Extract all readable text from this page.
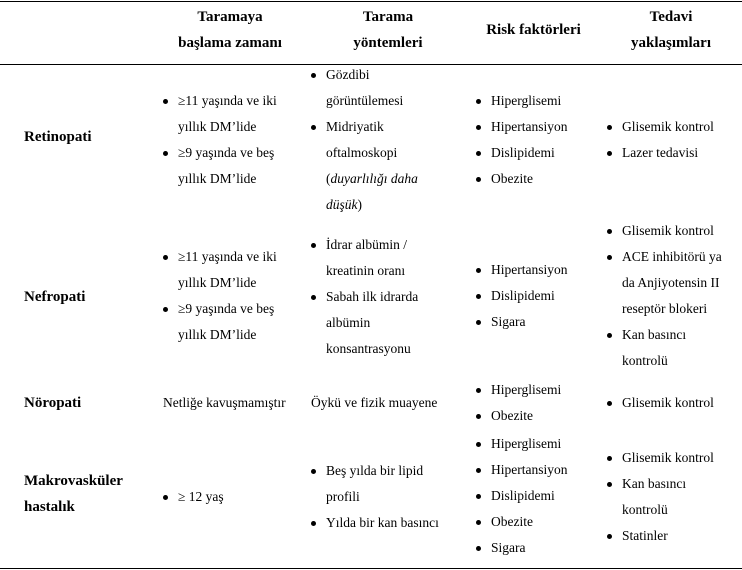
Taramaya
başlama zamanı
Tarama
yöntemleri
Risk faktörleri
Tedavi
yaklaşımları
Retinopati
≥11 yaşında ve iki
yıllık DM’lide
≥9 yaşında ve beş
yıllık DM’lide
Gözdibi
görüntülemesi
Midriyatik
oftalmoskopi
(duyarlılığı daha
düşük)
Hiperglisemi
Hipertansiyon
Dislipidemi
Obezite
Glisemik kontrol
Lazer tedavisi
Nefropati
≥11 yaşında ve iki
yıllık DM’lide
≥9 yaşında ve beş
yıllık DM’lide
İdrar albümin /
kreatinin oranı
Sabah ilk idrarda
albümin
konsantrasyonu
Hipertansiyon
Dislipidemi
Sigara
Glisemik kontrol
ACE inhibitörü ya
da Anjiyotensin II
reseptör blokeri
Kan basıncı
kontrolü
Nöropati	Netliğe kavuşmamıştır Öykü ve fizik muayene
Hiperglisemi
Obezite
Glisemik kontrol
Makrovasküler
hastalık
≥ 12 yaş
Beş yılda bir lipid
profili
Yılda bir kan basıncı
Hiperglisemi
Hipertansiyon
Dislipidemi
Obezite
Sigara
Glisemik kontrol
Kan basıncı
kontrolü
Statinler
